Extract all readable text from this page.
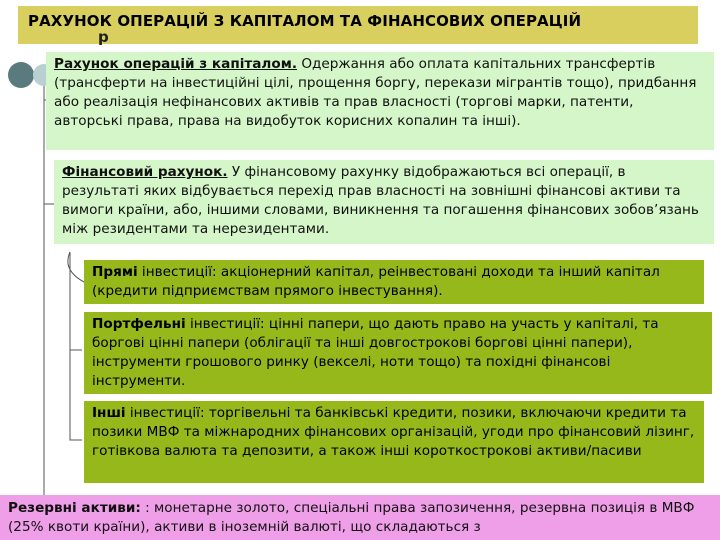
РАХУНОК ОПЕРАЦІЙ З КАПІТАЛОМ ТА ФІНАНСОВИХ ОПЕРАЦІЙ
р
Рахунок операцій з капіталом. Одержання або оплата капітальних трансфертів (трансферти на інвестиційні цілі, прощення боргу, перекази мігрантів тощо), придбання або реалізація нефінансових активів та прав власності (торгові марки, патенти, авторські права, права на видобуток корисних копалин та інші).
Фінансовий рахунок. У фінансовому рахунку відображаються всі операції, в результаті яких відбувається перехід прав власності на зовнішні фінансові активи та вимоги країни, або, іншими словами, виникнення та погашення фінансових зобов’язань між резидентами та нерезидентами.
Прямі інвестиції: акціонерний капітал, реінвестовані доходи та інший капітал (кредити підприємствам прямого інвестування).
Портфельні інвестиції: цінні папери, що дають право на участь у капіталі, та боргові цінні папери (облігації та інші довгострокові боргові цінні папери), інструменти грошового ринку (векселі, ноти тощо) та похідні фінансові інструменти.
Інші інвестиції: торгівельні та банківські кредити, позики, включаючи кредити та позики МВФ та міжнародних фінансових організацій, угоди про фінансовий лізинг, готівкова валюта та депозити, а також інші короткострокові активи/пасиви
Резервні активи: : монетарне золото, спеціальні права запозичення, резервна позиція в МВФ (25% квоти країни), активи в іноземній валюті, що складаються з
